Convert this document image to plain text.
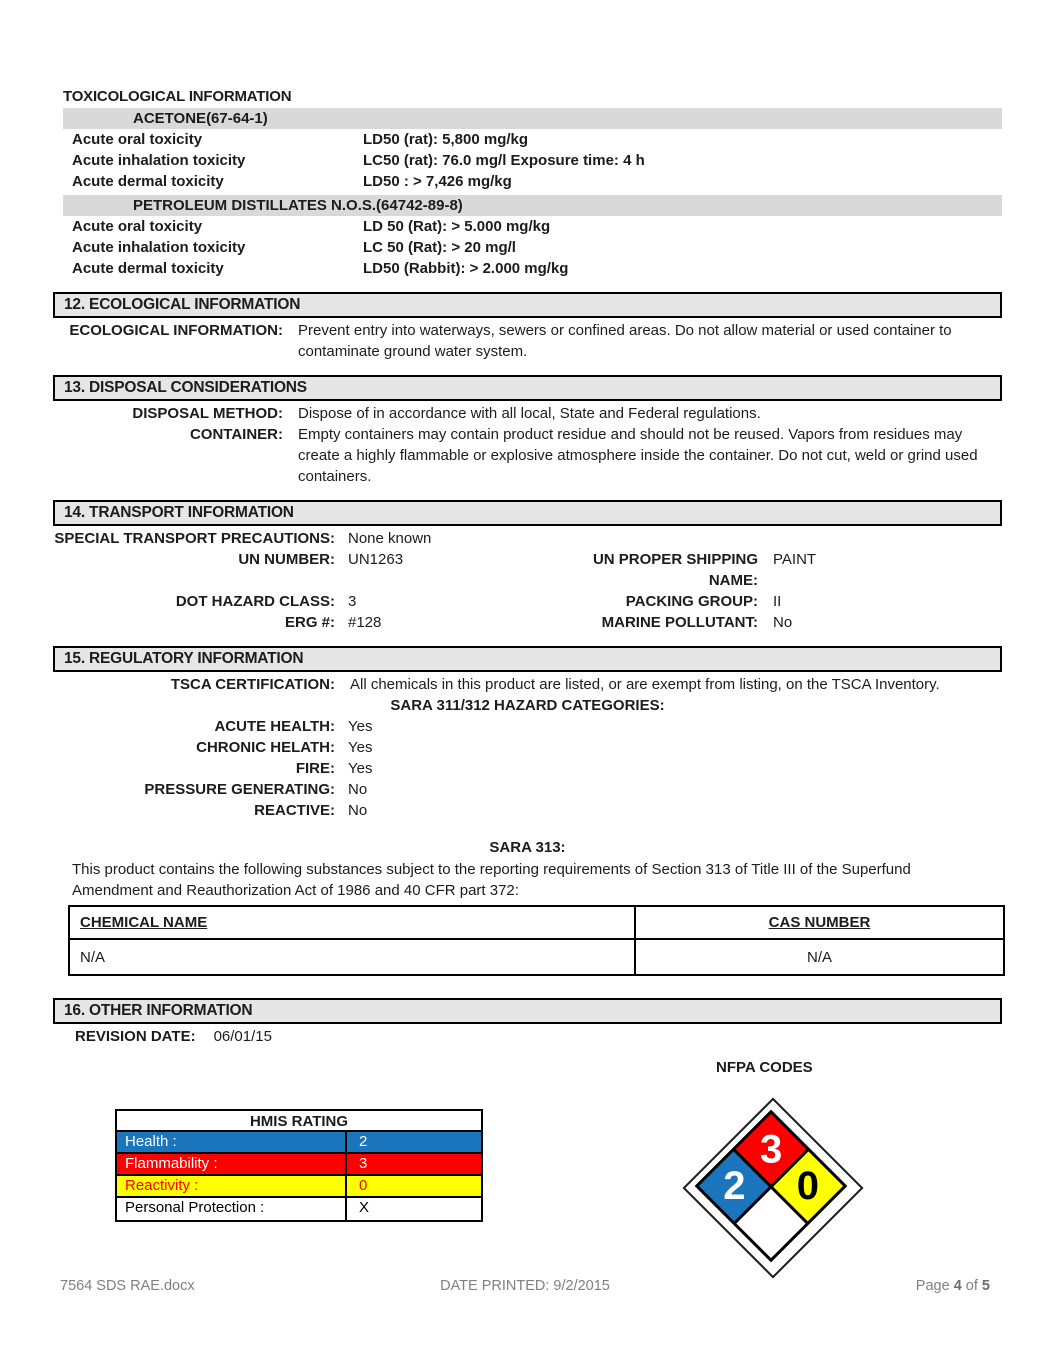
TOXICOLOGICAL INFORMATION
ACETONE(67-64-1)
Acute oral toxicity	LD50 (rat): 5,800 mg/kg
Acute inhalation toxicity	LC50 (rat): 76.0 mg/l Exposure time: 4 h
Acute dermal toxicity	LD50 : > 7,426 mg/kg
PETROLEUM DISTILLATES N.O.S.(64742-89-8)
Acute oral toxicity	LD 50 (Rat): > 5.000 mg/kg
Acute inhalation toxicity	LC 50 (Rat): > 20 mg/l
Acute dermal toxicity	LD50 (Rabbit): > 2.000 mg/kg
12. ECOLOGICAL INFORMATION
ECOLOGICAL INFORMATION: Prevent entry into waterways, sewers or confined areas. Do not allow material or used container to contaminate ground water system.
13. DISPOSAL CONSIDERATIONS
DISPOSAL METHOD: Dispose of in accordance with all local, State and Federal regulations.
CONTAINER: Empty containers may contain product residue and should not be reused. Vapors from residues may create a highly flammable or explosive atmosphere inside the container. Do not cut, weld or grind used containers.
14. TRANSPORT INFORMATION
SPECIAL TRANSPORT PRECAUTIONS: None known
UN NUMBER: UN1263	UN PROPER SHIPPING NAME:
PAINT
DOT HAZARD CLASS: 3	PACKING GROUP: II
ERG #: #128	MARINE POLLUTANT: No
15. REGULATORY INFORMATION
TSCA CERTIFICATION: All chemicals in this product are listed, or are exempt from listing, on the TSCA Inventory.
SARA 311/312 HAZARD CATEGORIES:
ACUTE HEALTH: Yes
CHRONIC HELATH: Yes
FIRE: Yes
PRESSURE GENERATING: No
REACTIVE: No
SARA 313:
This product contains the following substances subject to the reporting requirements of Section 313 of Title III of the Superfund Amendment and Reauthorization Act of 1986 and 40 CFR part 372:
CHEMICAL NAME	CAS NUMBER
N/A	N/A
16. OTHER INFORMATION
REVISION DATE: 06/01/15
NFPA CODES
HMIS RATING
Health :	2
Flammability :	3
Reactivity :	0
Personal Protection :	X
3
0
2
7564 SDS RAE.docx	DATE PRINTED: 9/2/2015	Page 4 of 5
